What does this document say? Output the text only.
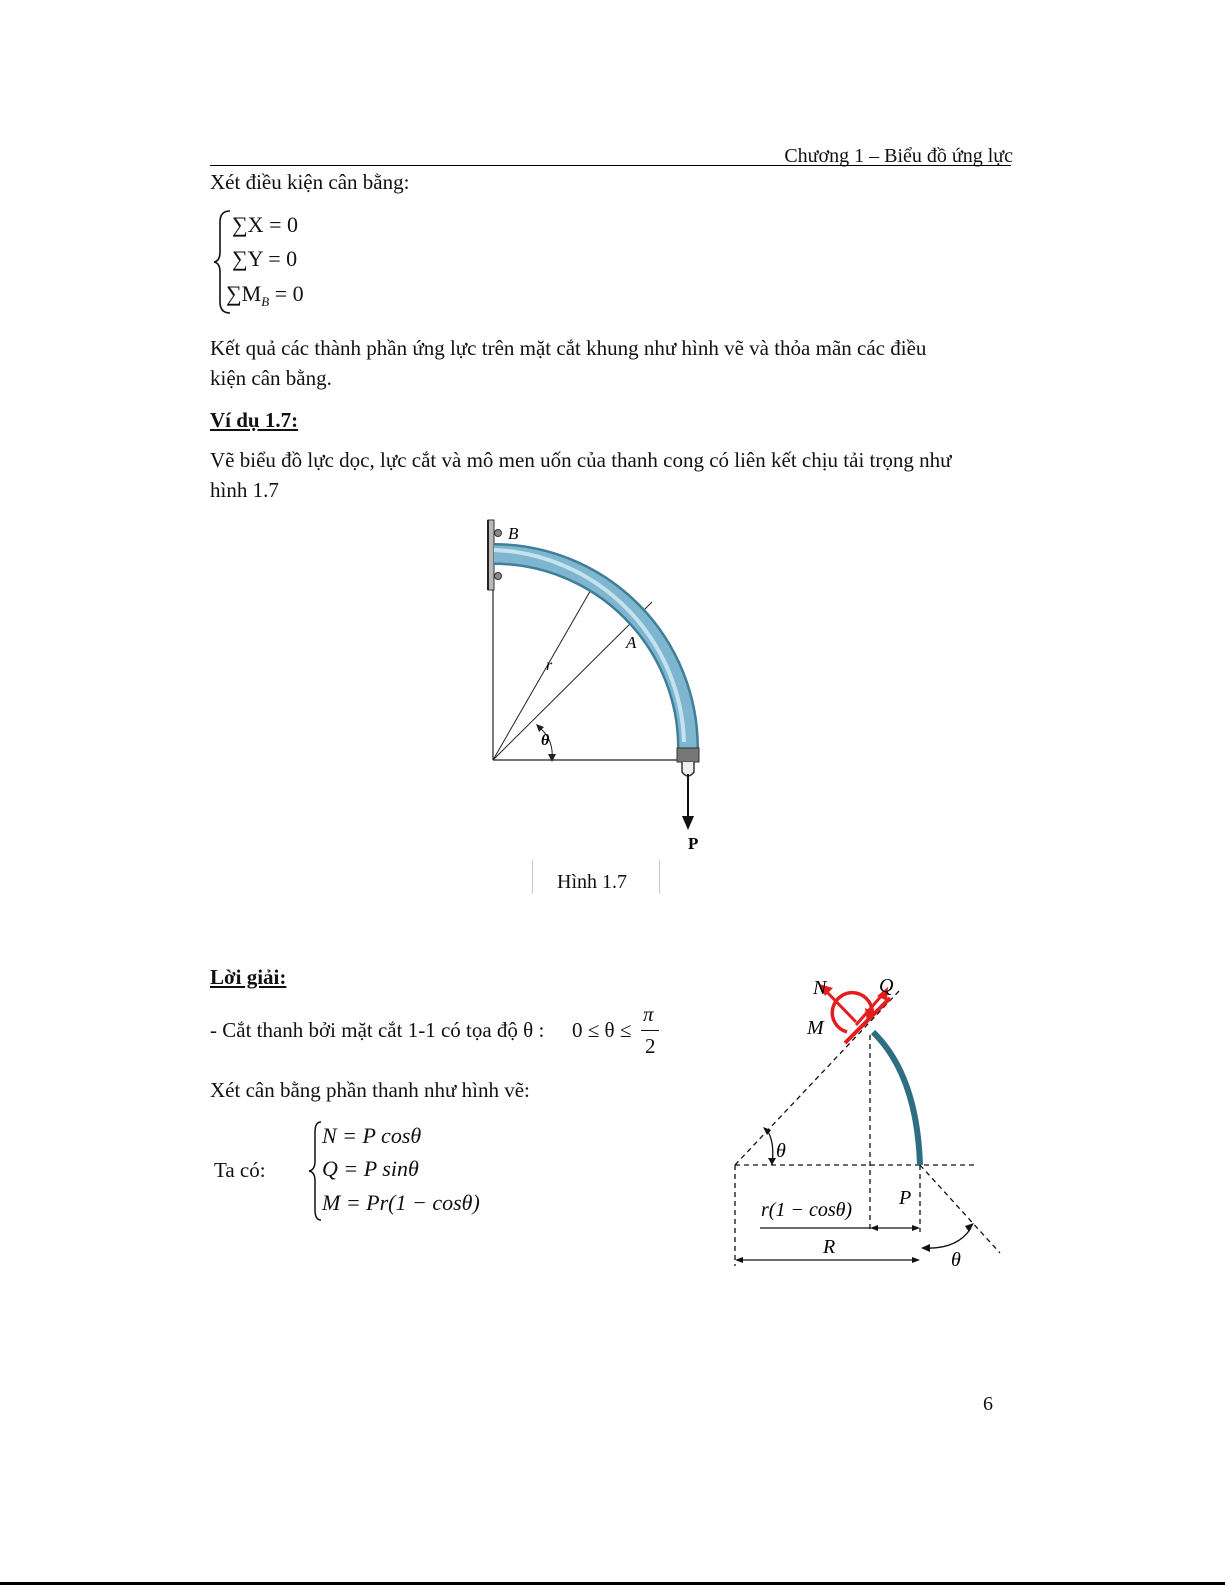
Chương 1 – Biểu đồ ứng lực
Xét điều kiện cân bằng:
∑X = 0
∑Y = 0
$\sum M_B = 0$
Kết quả các thành phần ứng lực trên mặt cắt khung như hình vẽ và thỏa mãn các điều
kiện cân bằng.
Ví dụ 1.7:
Vẽ biểu đồ lực dọc, lực cắt và mô men uốn của thanh cong có liên kết chịu tải trọng như
hình 1.7
B
A
r
θ
P
Hình 1.7
Lời giải:
- Cắt thanh bởi mặt cắt 1-1 có tọa độ θ : 0 ≤ θ ≤
π
2
Xét cân bằng phần thanh như hình vẽ:
Ta có:
N = P cosθ
Q = P sinθ
M = Pr(1 − cosθ)
N	Q
M
θ
P
r(1 − cosθ)
R
θ
6
